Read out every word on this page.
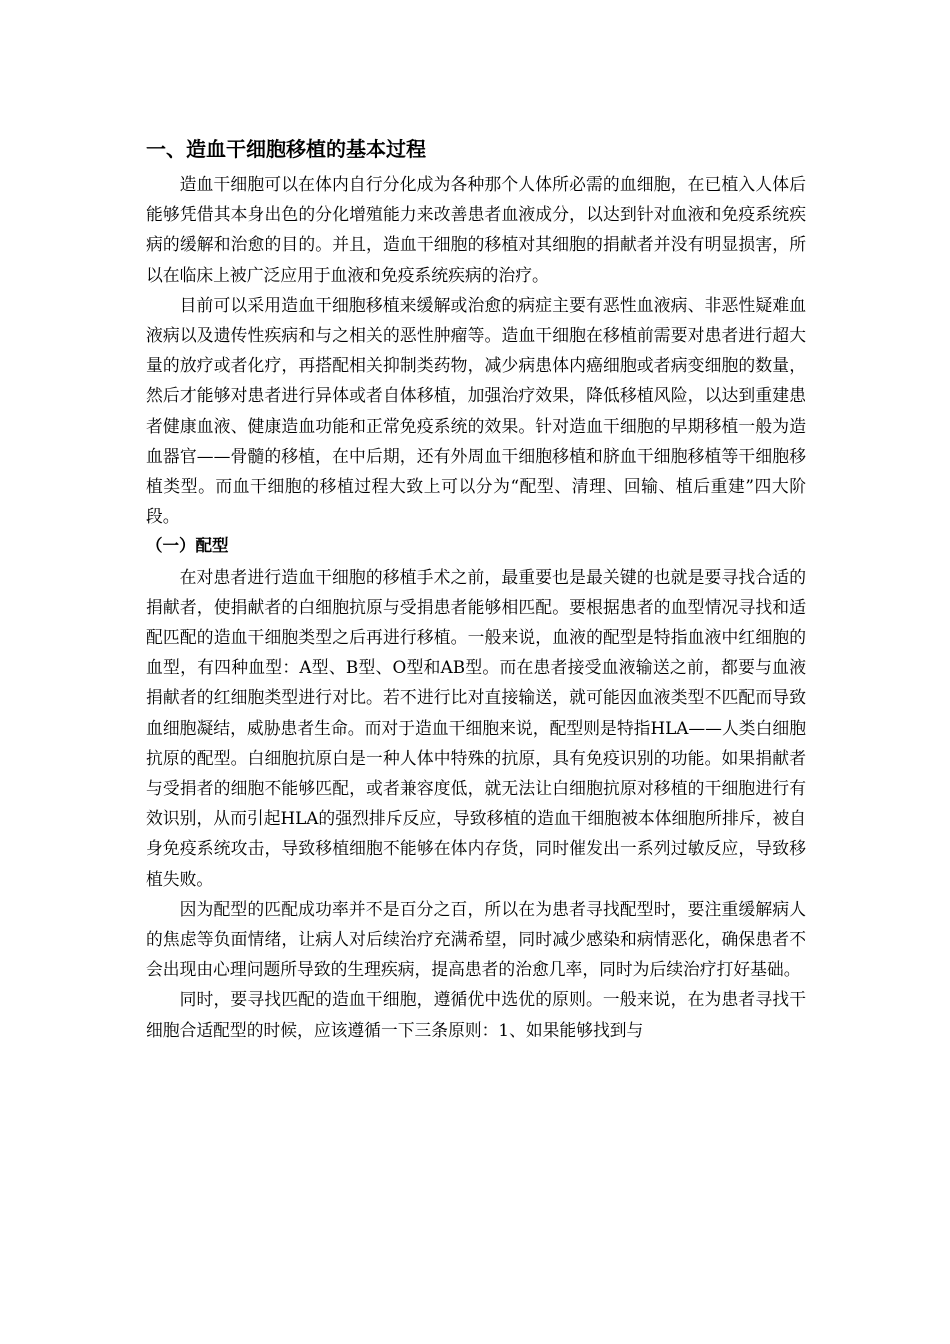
一、造血干细胞移植的基本过程

造血干细胞可以在体内自行分化成为各种那个人体所必需的血细胞，在已植入人体后能够凭借其本身出色的分化增殖能力来改善患者血液成分，以达到针对血液和免疫系统疾病的缓解和治愈的目的。并且，造血干细胞的移植对其细胞的捐献者并没有明显损害，所以在临床上被广泛应用于血液和免疫系统疾病的治疗。

目前可以采用造血干细胞移植来缓解或治愈的病症主要有恶性血液病、非恶性疑难血液病以及遗传性疾病和与之相关的恶性肿瘤等。造血干细胞在移植前需要对患者进行超大量的放疗或者化疗，再搭配相关抑制类药物，减少病患体内癌细胞或者病变细胞的数量，然后才能够对患者进行异体或者自体移植，加强治疗效果，降低移植风险，以达到重建患者健康血液、健康造血功能和正常免疫系统的效果。针对造血干细胞的早期移植一般为造血器官——骨髓的移植，在中后期，还有外周血干细胞移植和脐血干细胞移植等干细胞移植类型。而血干细胞的移植过程大致上可以分为“配型、清理、回输、植后重建”四大阶段。

（一）配型

在对患者进行造血干细胞的移植手术之前，最重要也是最关键的也就是要寻找合适的捐献者，使捐献者的白细胞抗原与受捐患者能够相匹配。要根据患者的血型情况寻找和适配匹配的造血干细胞类型之后再进行移植。一般来说，血液的配型是特指血液中红细胞的血型，有四种血型：A型、B型、O型和AB型。而在患者接受血液输送之前，都要与血液捐献者的红细胞类型进行对比。若不进行比对直接输送，就可能因血液类型不匹配而导致血细胞凝结，威胁患者生命。而对于造血干细胞来说，配型则是特指HLA——人类白细胞抗原的配型。白细胞抗原白是一种人体中特殊的抗原，具有免疫识别的功能。如果捐献者与受捐者的细胞不能够匹配，或者兼容度低，就无法让白细胞抗原对移植的干细胞进行有效识别，从而引起HLA的强烈排斥反应，导致移植的造血干细胞被本体细胞所排斥，被自身免疫系统攻击，导致移植细胞不能够在体内存货，同时催发出一系列过敏反应，导致移植失败。

因为配型的匹配成功率并不是百分之百，所以在为患者寻找配型时，要注重缓解病人的焦虑等负面情绪，让病人对后续治疗充满希望，同时减少感染和病情恶化，确保患者不会出现由心理问题所导致的生理疾病，提高患者的治愈几率，同时为后续治疗打好基础。

同时，要寻找匹配的造血干细胞，遵循优中选优的原则。一般来说，在为患者寻找干细胞合适配型的时候，应该遵循一下三条原则：1、如果能够找到与
